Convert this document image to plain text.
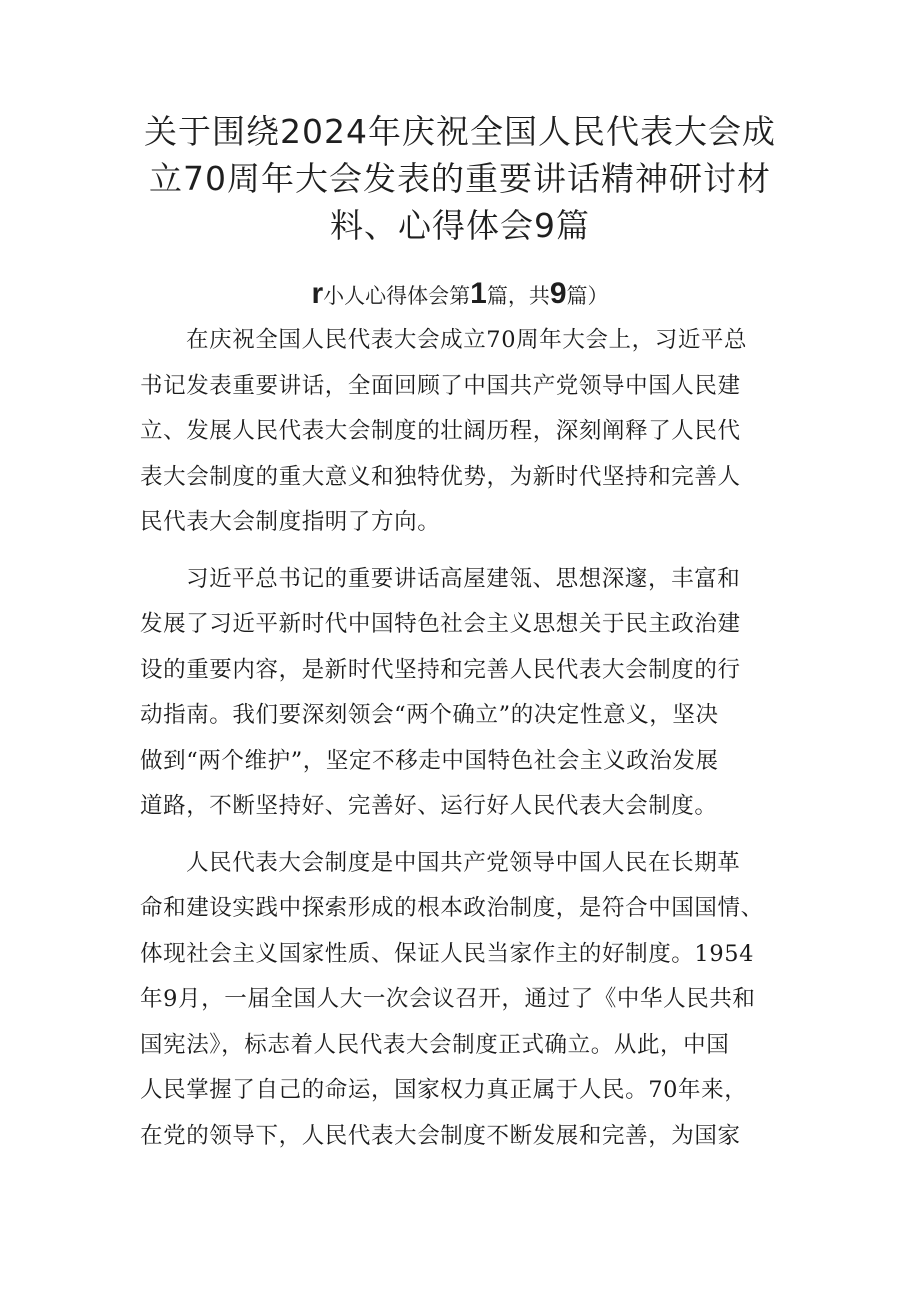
关于围绕2024年庆祝全国人民代表大会成
立70周年大会发表的重要讲话精神研讨材
料、心得体会9篇
r小人心得体会第1篇，共9篇）
在庆祝全国人民代表大会成立70周年大会上，习近平总
书记发表重要讲话，全面回顾了中国共产党领导中国人民建
立、发展人民代表大会制度的壮阔历程，深刻阐释了人民代
表大会制度的重大意义和独特优势，为新时代坚持和完善人
民代表大会制度指明了方向。
习近平总书记的重要讲话高屋建瓴、思想深邃，丰富和
发展了习近平新时代中国特色社会主义思想关于民主政治建
设的重要内容，是新时代坚持和完善人民代表大会制度的行
动指南。我们要深刻领会“两个确立”的决定性意义，坚决
做到“两个维护”，坚定不移走中国特色社会主义政治发展
道路，不断坚持好、完善好、运行好人民代表大会制度。
人民代表大会制度是中国共产党领导中国人民在长期革
命和建设实践中探索形成的根本政治制度，是符合中国国情、
体现社会主义国家性质、保证人民当家作主的好制度。1954
年9月，一届全国人大一次会议召开，通过了《中华人民共和
国宪法》，标志着人民代表大会制度正式确立。从此，中国
人民掌握了自己的命运，国家权力真正属于人民。70年来，
在党的领导下，人民代表大会制度不断发展和完善，为国家
